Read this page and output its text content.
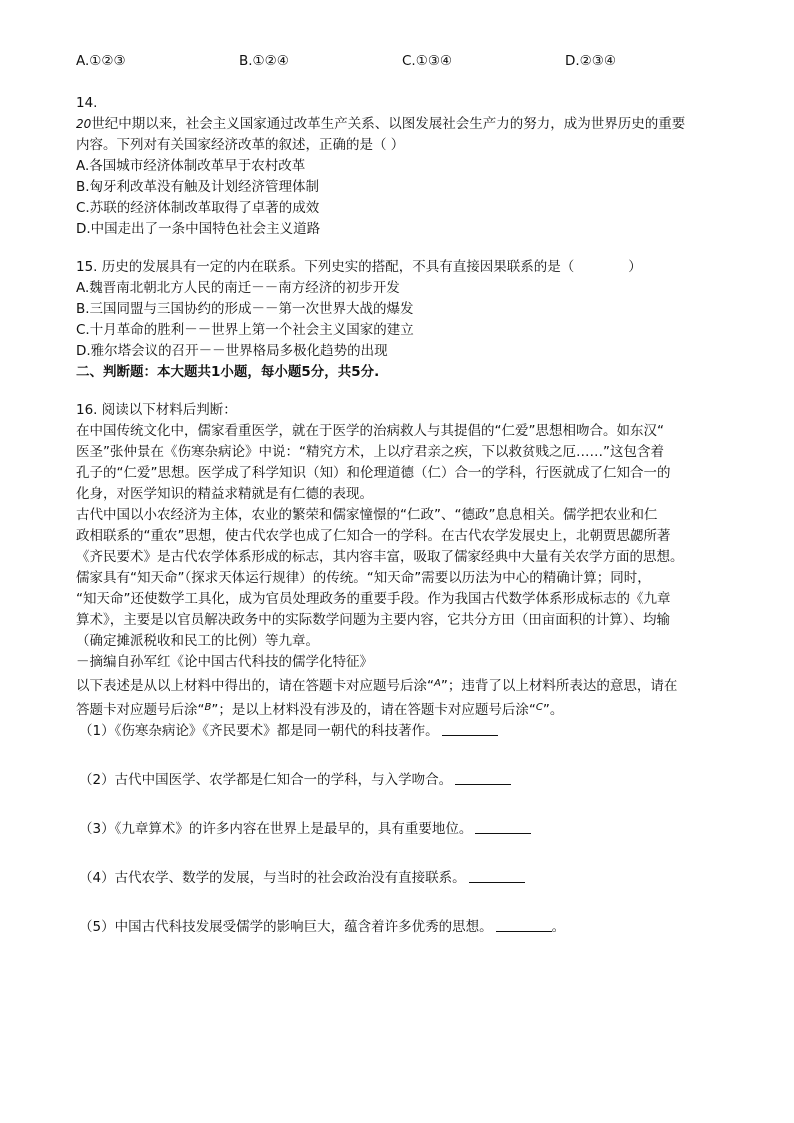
A.①②③	B.①②④	C.①③④	D.②③④
14.
20世纪中期以来，社会主义国家通过改革生产关系、以图发展社会生产力的努力，成为世界历史的重要
内容。下列对有关国家经济改革的叙述，正确的是（ ）
A.各国城市经济体制改革早于农村改革
B.匈牙利改革没有触及计划经济管理体制
C.苏联的经济体制改革取得了卓著的成效
D.中国走出了一条中国特色社会主义道路
15. 历史的发展具有一定的内在联系。下列史实的搭配，不具有直接因果联系的是（	）
A.魏晋南北朝北方人民的南迁－－南方经济的初步开发
B.三国同盟与三国协约的形成－－第一次世界大战的爆发
C.十月革命的胜利－－世界上第一个社会主义国家的建立
D.雅尔塔会议的召开－－世界格局多极化趋势的出现
二、判断题：本大题共1小题，每小题5分，共5分.
16. 阅读以下材料后判断：
在中国传统文化中，儒家看重医学，就在于医学的治病救人与其提倡的“仁爱”思想相吻合。如东汉“
医圣”张仲景在《伤寒杂病论》中说：“精究方术，上以疗君亲之疾，下以救贫贱之厄……”这包含着
孔子的“仁爱”思想。医学成了科学知识（知）和伦理道德（仁）合一的学科，行医就成了仁知合一的
化身，对医学知识的精益求精就是有仁德的表现。
古代中国以小农经济为主体，农业的繁荣和儒家憧憬的“仁政”、“德政”息息相关。儒学把农业和仁
政相联系的“重农”思想，使古代农学也成了仁知合一的学科。在古代农学发展史上，北朝贾思勰所著
《齐民要术》是古代农学体系形成的标志，其内容丰富，吸取了儒家经典中大量有关农学方面的思想。
儒家具有“知天命”（探求天体运行规律）的传统。“知天命”需要以历法为中心的精确计算；同时，
“知天命”还使数学工具化，成为官员处理政务的重要手段。作为我国古代数学体系形成标志的《九章
算术》，主要是以官员解决政务中的实际数学问题为主要内容，它共分方田（田亩面积的计算）、均输
（确定摊派税收和民工的比例）等九章。
－摘编自孙军红《论中国古代科技的儒学化特征》
以下表述是从以上材料中得出的，请在答题卡对应题号后涂“$^A$”；违背了以上材料所表达的意思，请在
答题卡对应题号后涂“$^B$”；是以上材料没有涉及的，请在答题卡对应题号后涂“$^C$”。
（1）《伤寒杂病论》《齐民要术》都是同一朝代的科技著作。
（2）古代中国医学、农学都是仁知合一的学科，与入学吻合。
（3）《九章算术》的许多内容在世界上是最早的，具有重要地位。
（4）古代农学、数学的发展，与当时的社会政治没有直接联系。
（5）中国古代科技发展受儒学的影响巨大，蕴含着许多优秀的思想。	。
